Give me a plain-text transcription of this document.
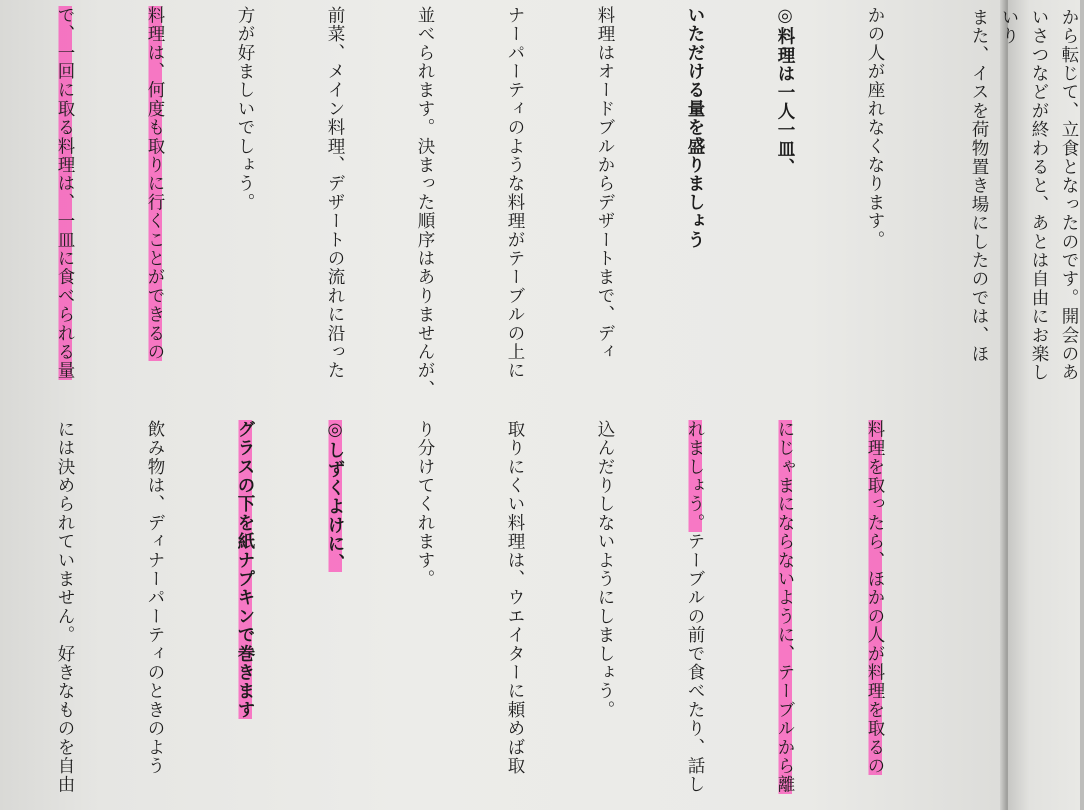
から転じて、立食となったのです。開会のあ
いさつなどが終わると、あとは自由にお楽し
いり
また、イスを荷物置き場にしたのでは、ほ

かの人が座れなくなります。

◎料理は一人一皿、

いただける量を盛りましょう

料理はオードブルからデザートまで、ディ

ナーパーティのような料理がテーブルの上に

並べられます。決まった順序はありませんが、

前菜、メイン料理、デザートの流れに沿った

方が好ましいでしょう。

料理は、何度も取りに行くことができるの

で、一回に取る料理は、一皿に食べられる量

料理を取ったら、ほかの人が料理を取るの

にじゃまにならないように、テーブルから離

れましょう。テーブルの前で食べたり、話し

込んだりしないようにしましょう。

取りにくい料理は、ウエイターに頼めば取

り分けてくれます。

◎しずくよけに、

グラスの下を紙ナプキンで巻きます

飲み物は、ディナーパーティのときのよう

には決められていません。好きなものを自由
